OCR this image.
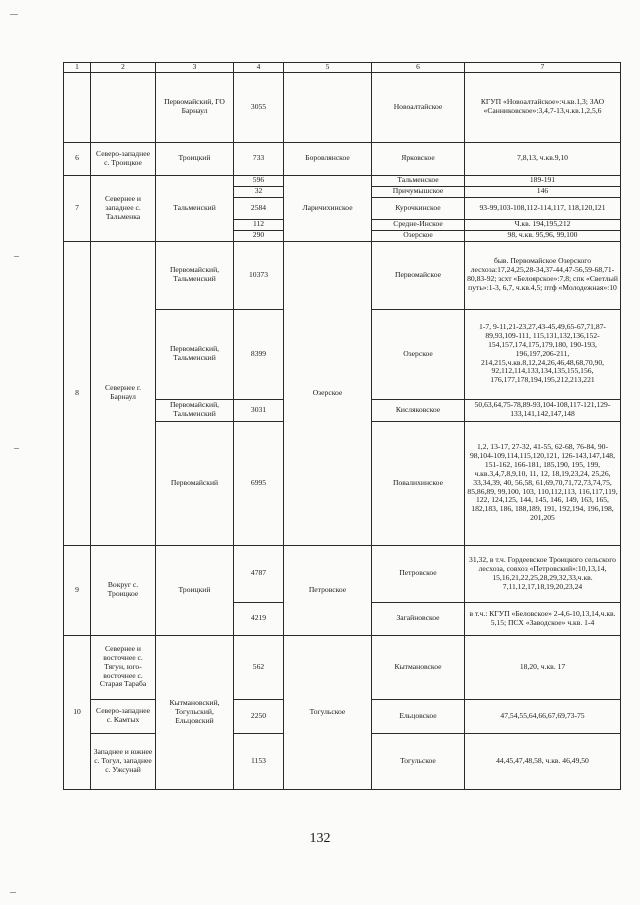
1	2	3	4	5	6	7
		Первомайский, ГО Барнаул	3055		Новоалтайское	КГУП «Новоалтайское»:ч.кв.1,3; ЗАО «Санниковское»:3,4,7-13,ч.кв.1,2,5,6
6	Северо-западнее с. Троицкое	Троицкий	733	Боровлянское	Ярковское	7,8,13, ч.кв.9,10
7	Севернее и западнее с. Тальменка	Тальменский	596	Ларичихинское	Тальменское	189-191
			32		Причумышское	146
			2584		Курочкинское	93-99,103-108,112-114,117, 118,120,121
			112		Средне-Инское	Ч.кв. 194,195,212
			290		Озерское	98, ч.кв. 95,96, 99,100
8	Севернее г. Барнаул	Первомайский, Тальменский	10373	Озерское	Первомайское	быв. Первомайское Озерского лесхоза:17,24,25,28-34,37-44,47-56,59-68,71-80,83-92; зсхт «Белоярское»:7,8; спк «Светлый путь»:1-3, 6,7, ч.кв.4,5; птф «Молодежная»:10
		Первомайский, Тальменский	8399		Озерское	1-7, 9-11,21-23,27,43-45,49,65-67,71,87-89,93,109-111, 115,131,132,136,152-154,157,174,175,179,180, 190-193, 196,197,206-211, 214,215,ч.кв.8,12,24,26,46,48,68,70,90, 92,112,114,133,134,135,155,156, 176,177,178,194,195,212,213,221
		Первомайский, Тальменский	3031		Кисляковское	50,63,64,75-78,89-93,104-108,117-121,129-133,141,142,147,148
		Первомайский	6995		Повалихинское	1,2, 13-17, 27-32, 41-55, 62-68, 76-84, 90-98,104-109,114,115,120,121, 126-143,147,148, 151-162, 166-181, 185,190, 195, 199, ч.кв.3,4,7,8,9,10, 11, 12, 18,19,23,24, 25,26, 33,34,39, 40, 56,58, 61,69,70,71,72,73,74,75, 85,86,89, 99,100, 103, 110,112,113, 116,117,119, 122, 124,125, 144, 145, 146, 149, 163, 165, 182,183, 186, 188,189, 191, 192,194, 196,198, 201,205
9	Вокруг с. Троицкое	Троицкий	4787	Петровское	Петровское	31,32, в т.ч. Гордеевское Троицкого сельского лесхоза, совхоз «Петровский»:10,13,14, 15,16,21,22,25,28,29,32,33,ч.кв. 7,11,12,17,18,19,20,23,24
			4219		Загайновское	в т.ч.: КГУП «Беловское» 2-4,6-10,13,14,ч.кв. 5,15; ПСХ «Заводское» ч.кв. 1-4
10	Севернее и восточнее с. Тягун, юго-восточнее с. Старая Тараба	Кытмановский, Тогульский, Ельцовский	562	Тогульское	Кытмановское	18,20, ч.кв. 17
	Северо-западнее с. Камтых		2250		Ельцовское	47,54,55,64,66,67,69,73-75
	Западнее и южнее с. Тогул, западнее с. Ужсунай		1153		Тогульское	44,45,47,48,58, ч.кв. 46,49,50
132
